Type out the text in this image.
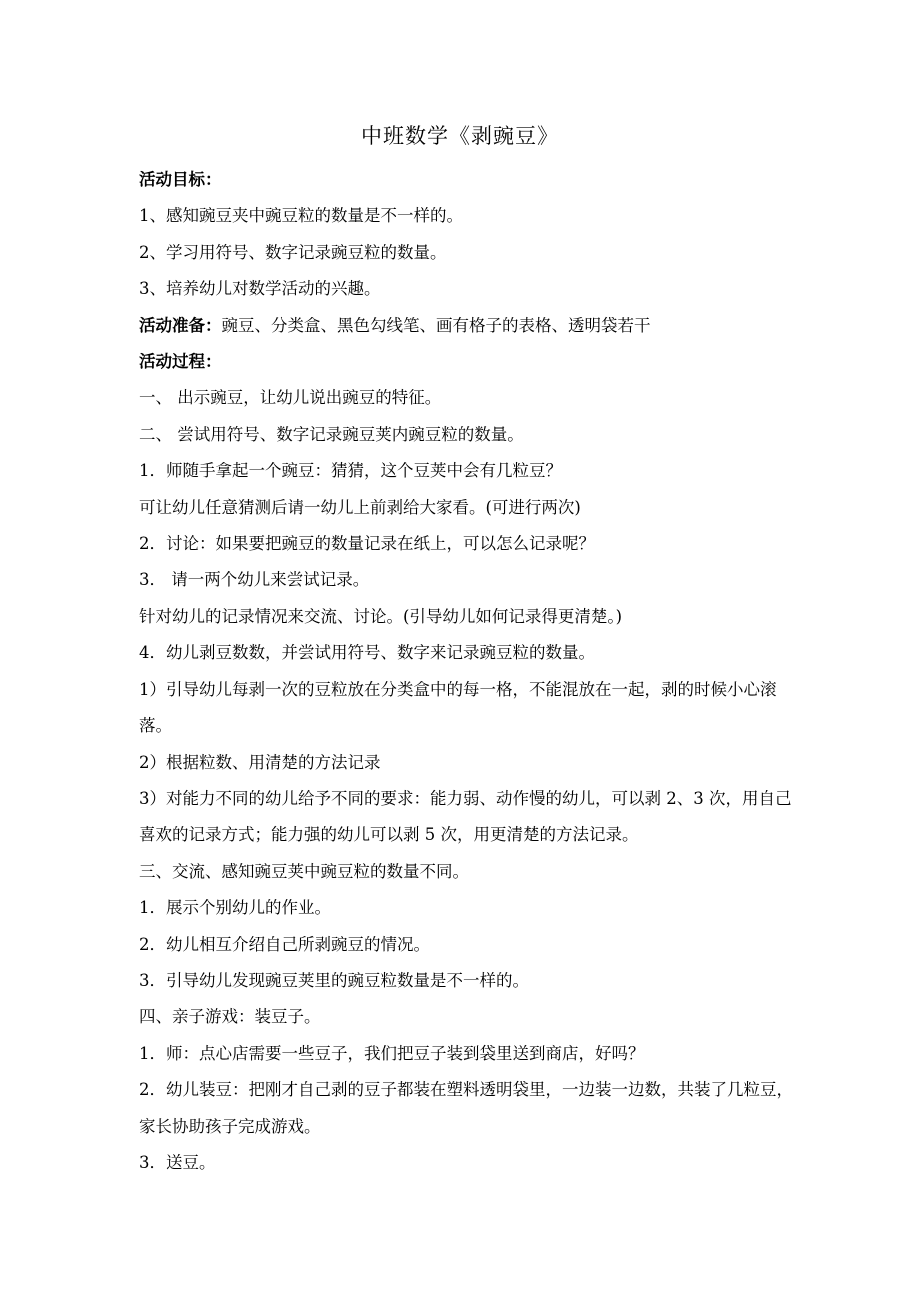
中班数学《剥豌豆》

活动目标：

1、感知豌豆夹中豌豆粒的数量是不一样的。

2、学习用符号、数字记录豌豆粒的数量。

3、培养幼儿对数学活动的兴趣。

活动准备：豌豆、分类盒、黑色勾线笔、画有格子的表格、透明袋若干

活动过程：

一、 出示豌豆，让幼儿说出豌豆的特征。

二、 尝试用符号、数字记录豌豆荚内豌豆粒的数量。

1．师随手拿起一个豌豆：猜猜，这个豆荚中会有几粒豆？

可让幼儿任意猜测后请一幼儿上前剥给大家看。(可进行两次)

2．讨论：如果要把豌豆的数量记录在纸上，可以怎么记录呢？

3． 请一两个幼儿来尝试记录。

针对幼儿的记录情况来交流、讨论。(引导幼儿如何记录得更清楚。)

4．幼儿剥豆数数，并尝试用符号、数字来记录豌豆粒的数量。

1）引导幼儿每剥一次的豆粒放在分类盒中的每一格，不能混放在一起，剥的时候小心滚落。

2）根据粒数、用清楚的方法记录

3）对能力不同的幼儿给予不同的要求：能力弱、动作慢的幼儿，可以剥 2、3 次，用自己喜欢的记录方式；能力强的幼儿可以剥 5 次，用更清楚的方法记录。

三、交流、感知豌豆荚中豌豆粒的数量不同。

1．展示个别幼儿的作业。

2．幼儿相互介绍自己所剥豌豆的情况。

3．引导幼儿发现豌豆荚里的豌豆粒数量是不一样的。

四、亲子游戏：装豆子。

1．师：点心店需要一些豆子，我们把豆子装到袋里送到商店，好吗？

2．幼儿装豆：把刚才自己剥的豆子都装在塑料透明袋里，一边装一边数，共装了几粒豆，家长协助孩子完成游戏。

3．送豆。
